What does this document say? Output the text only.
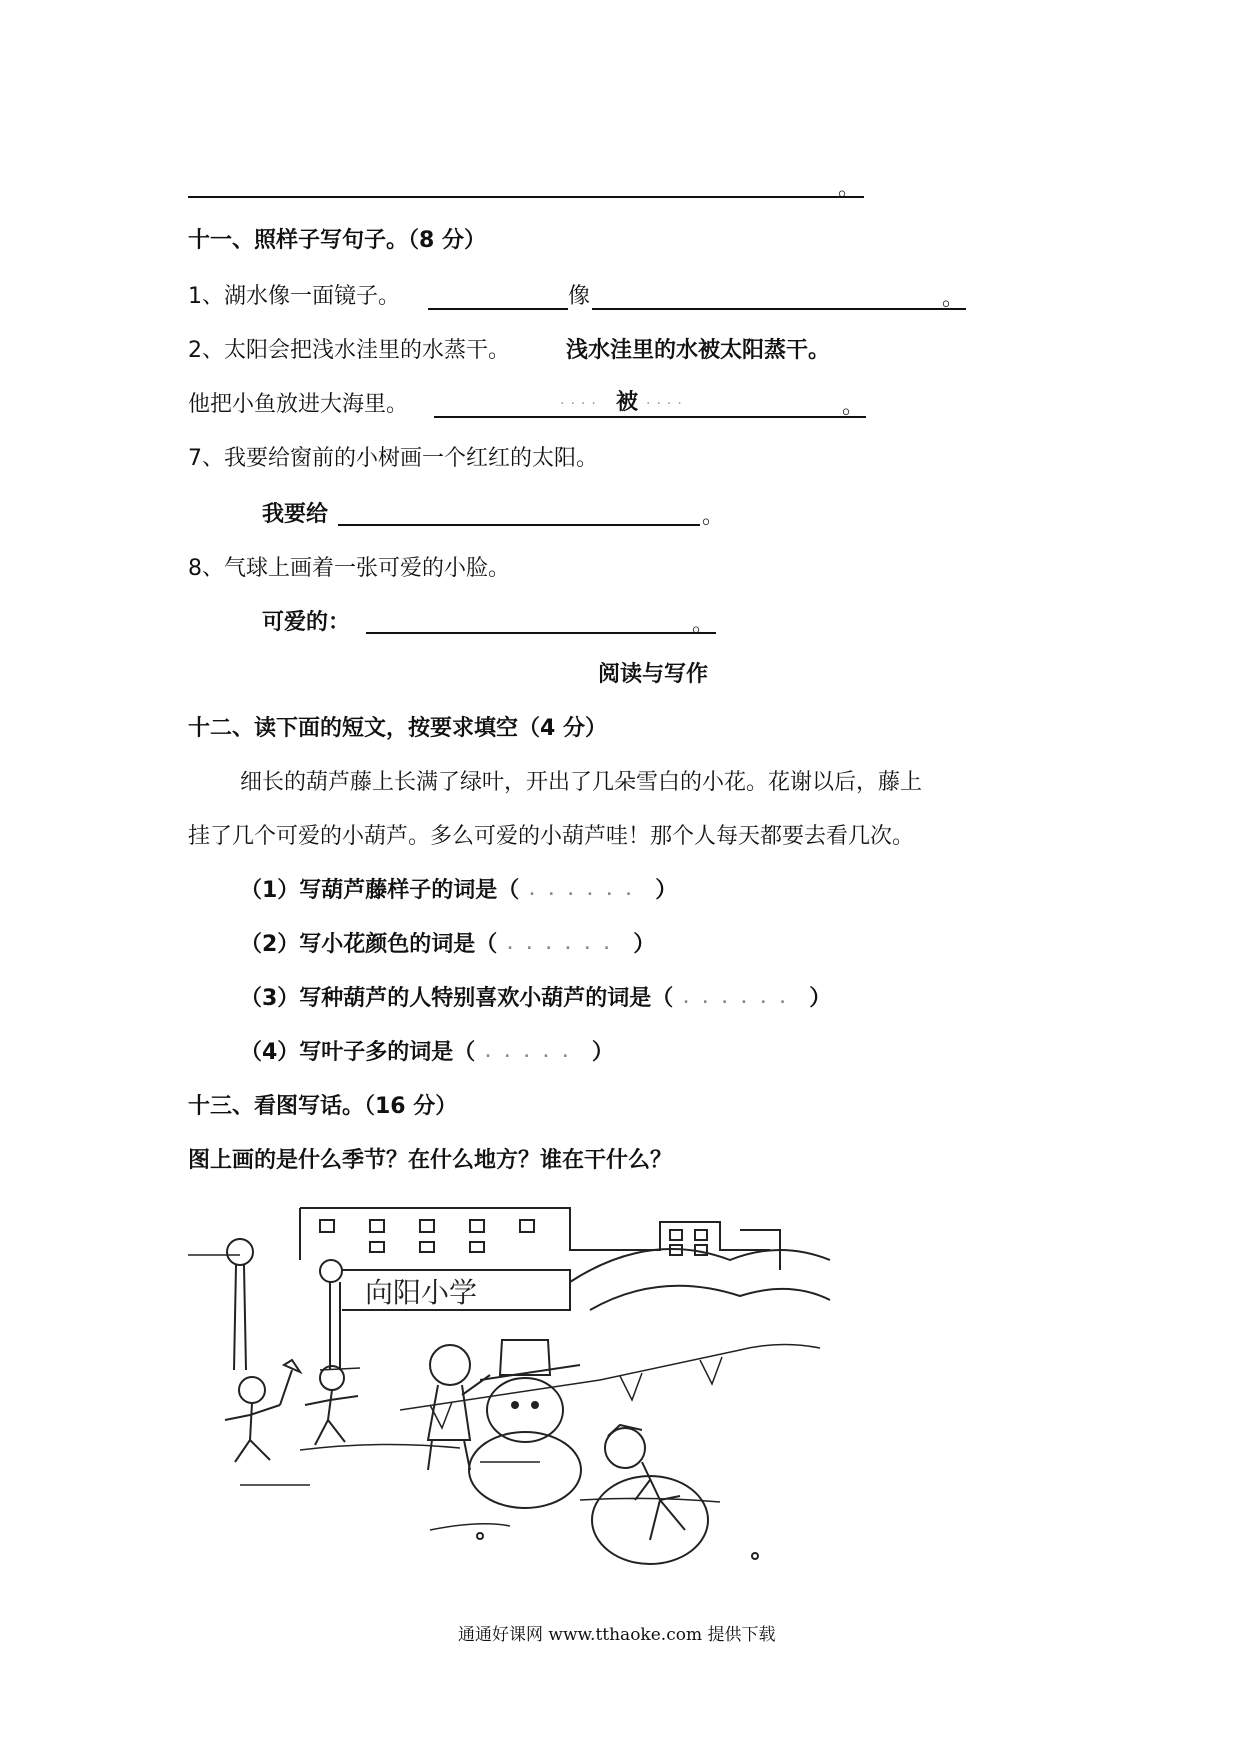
。
十一、照样子写句子。（8 分）
1、湖水像一面镜子。	像	。
2、太阳会把浅水洼里的水蒸干。	浅水洼里的水被太阳蒸干。
他把小鱼放进大海里。	.... 被 ....	。
7、我要给窗前的小树画一个红红的太阳。
我要给	。
8、气球上画着一张可爱的小脸。
可爱的：	。
阅读与写作
十二、读下面的短文，按要求填空（4 分）
细长的葫芦藤上长满了绿叶，开出了几朵雪白的小花。花谢以后，藤上
挂了几个可爱的小葫芦。多么可爱的小葫芦哇！那个人每天都要去看几次。
（1）写葫芦藤样子的词是（ ...... ）
（2）写小花颜色的词是（ ...... ）
（3）写种葫芦的人特别喜欢小葫芦的词是（ ...... ）
（4）写叶子多的词是（ ..... ）
十三、看图写话。（16 分）
图上画的是什么季节？在什么地方？谁在干什么？
向阳小学
通通好课网 www.tthaoke.com 提供下载
